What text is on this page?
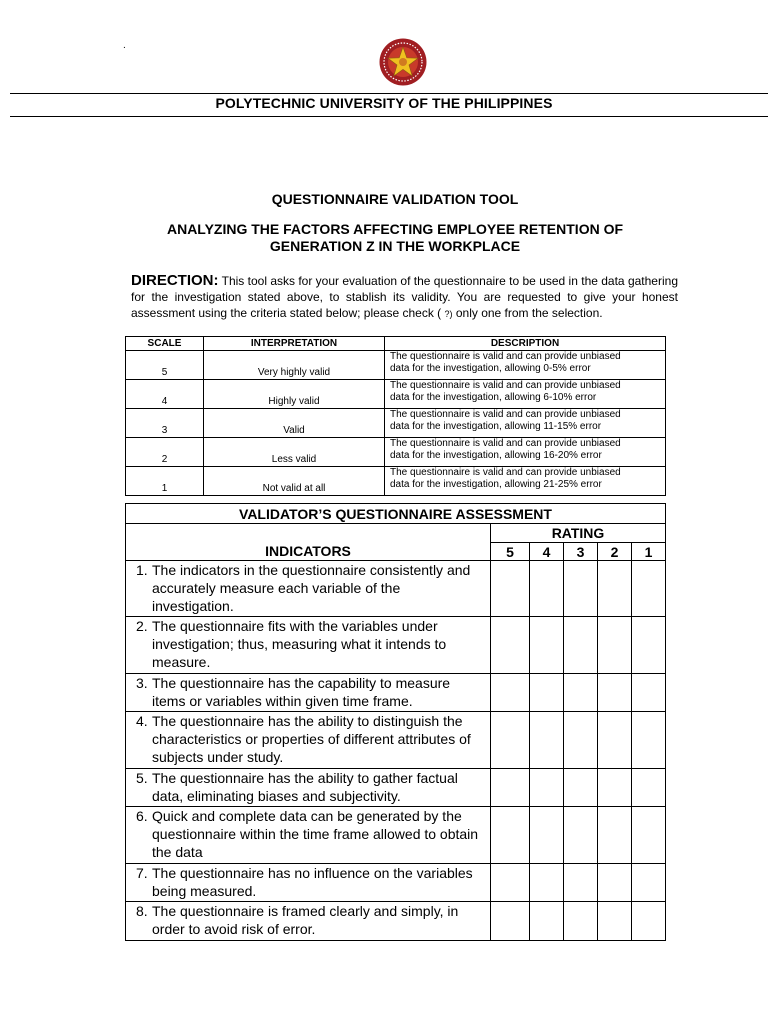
.
POLYTECHNIC UNIVERSITY OF THE PHILIPPINES
QUESTIONNAIRE VALIDATION TOOL
ANALYZING THE FACTORS AFFECTING EMPLOYEE RETENTION OF
GENERATION Z IN THE WORKPLACE
DIRECTION: This tool asks for your evaluation of the questionnaire to be used in the data gathering for the investigation stated above, to stablish its validity. You are requested to give your honest assessment using the criteria stated below; please check ( ?) only one from the selection.
SCALE	INTERPRETATION	DESCRIPTION
5	Very highly valid	The questionnaire is valid and can provide unbiased
data for the investigation, allowing 0-5% error

4	Highly valid	The questionnaire is valid and can provide unbiased
data for the investigation, allowing 6-10% error

3	Valid	The questionnaire is valid and can provide unbiased
data for the investigation, allowing 11-15% error

2	Less valid	The questionnaire is valid and can provide unbiased
data for the investigation, allowing 16-20% error

1	Not valid at all	The questionnaire is valid and can provide unbiased
data for the investigation, allowing 21-25% error
VALIDATOR’S QUESTIONNAIRE ASSESSMENT					
INDICATORS	RATING				
	5	4	3	2	1

1. The indicators in the questionnaire consistently and accurately measure each variable of the investigation.					

2. The questionnaire fits with the variables under investigation; thus, measuring what it intends to measure.					

3. The questionnaire has the capability to measure items or variables within given time frame.					

4. The questionnaire has the ability to distinguish the characteristics or properties of different attributes of subjects under study.					

5. The questionnaire has the ability to gather factual data, eliminating biases and subjectivity.					

6. Quick and complete data can be generated by the questionnaire within the time frame allowed to obtain the data					

7. The questionnaire has no influence on the variables being measured.					

8. The questionnaire is framed clearly and simply, in order to avoid risk of error.					
